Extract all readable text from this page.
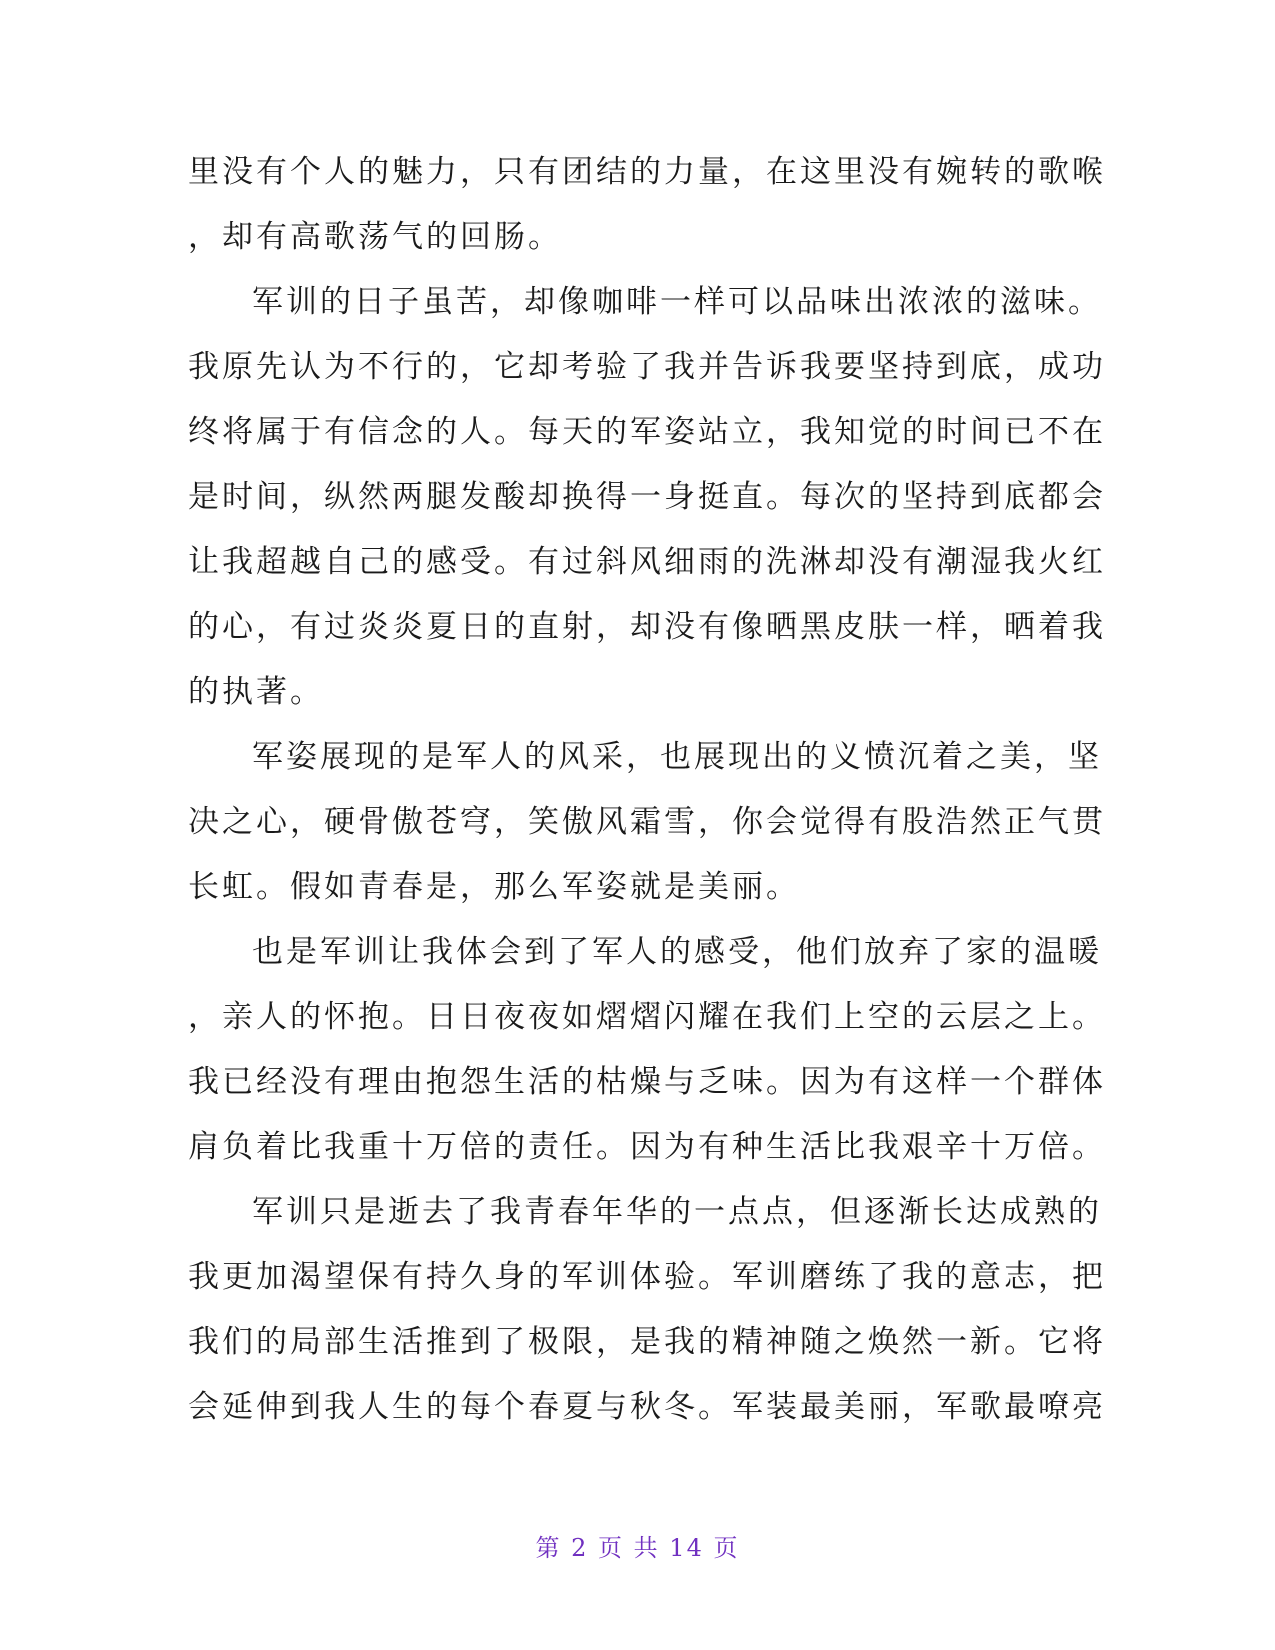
里没有个人的魅力，只有团结的力量，在这里没有婉转的歌喉
，却有高歌荡气的回肠。
军训的日子虽苦，却像咖啡一样可以品味出浓浓的滋味。
我原先认为不行的，它却考验了我并告诉我要坚持到底，成功
终将属于有信念的人。每天的军姿站立，我知觉的时间已不在
是时间，纵然两腿发酸却换得一身挺直。每次的坚持到底都会
让我超越自己的感受。有过斜风细雨的洗淋却没有潮湿我火红
的心，有过炎炎夏日的直射，却没有像晒黑皮肤一样，晒着我
的执著。
军姿展现的是军人的风采，也展现出的义愤沉着之美，坚
决之心，硬骨傲苍穹，笑傲风霜雪，你会觉得有股浩然正气贯
长虹。假如青春是，那么军姿就是美丽。
也是军训让我体会到了军人的感受，他们放弃了家的温暖
，亲人的怀抱。日日夜夜如熠熠闪耀在我们上空的云层之上。
我已经没有理由抱怨生活的枯燥与乏味。因为有这样一个群体
肩负着比我重十万倍的责任。因为有种生活比我艰辛十万倍。
军训只是逝去了我青春年华的一点点，但逐渐长达成熟的
我更加渴望保有持久身的军训体验。军训磨练了我的意志，把
我们的局部生活推到了极限，是我的精神随之焕然一新。它将
会延伸到我人生的每个春夏与秋冬。军装最美丽，军歌最嘹亮
第 2 页 共 14 页
